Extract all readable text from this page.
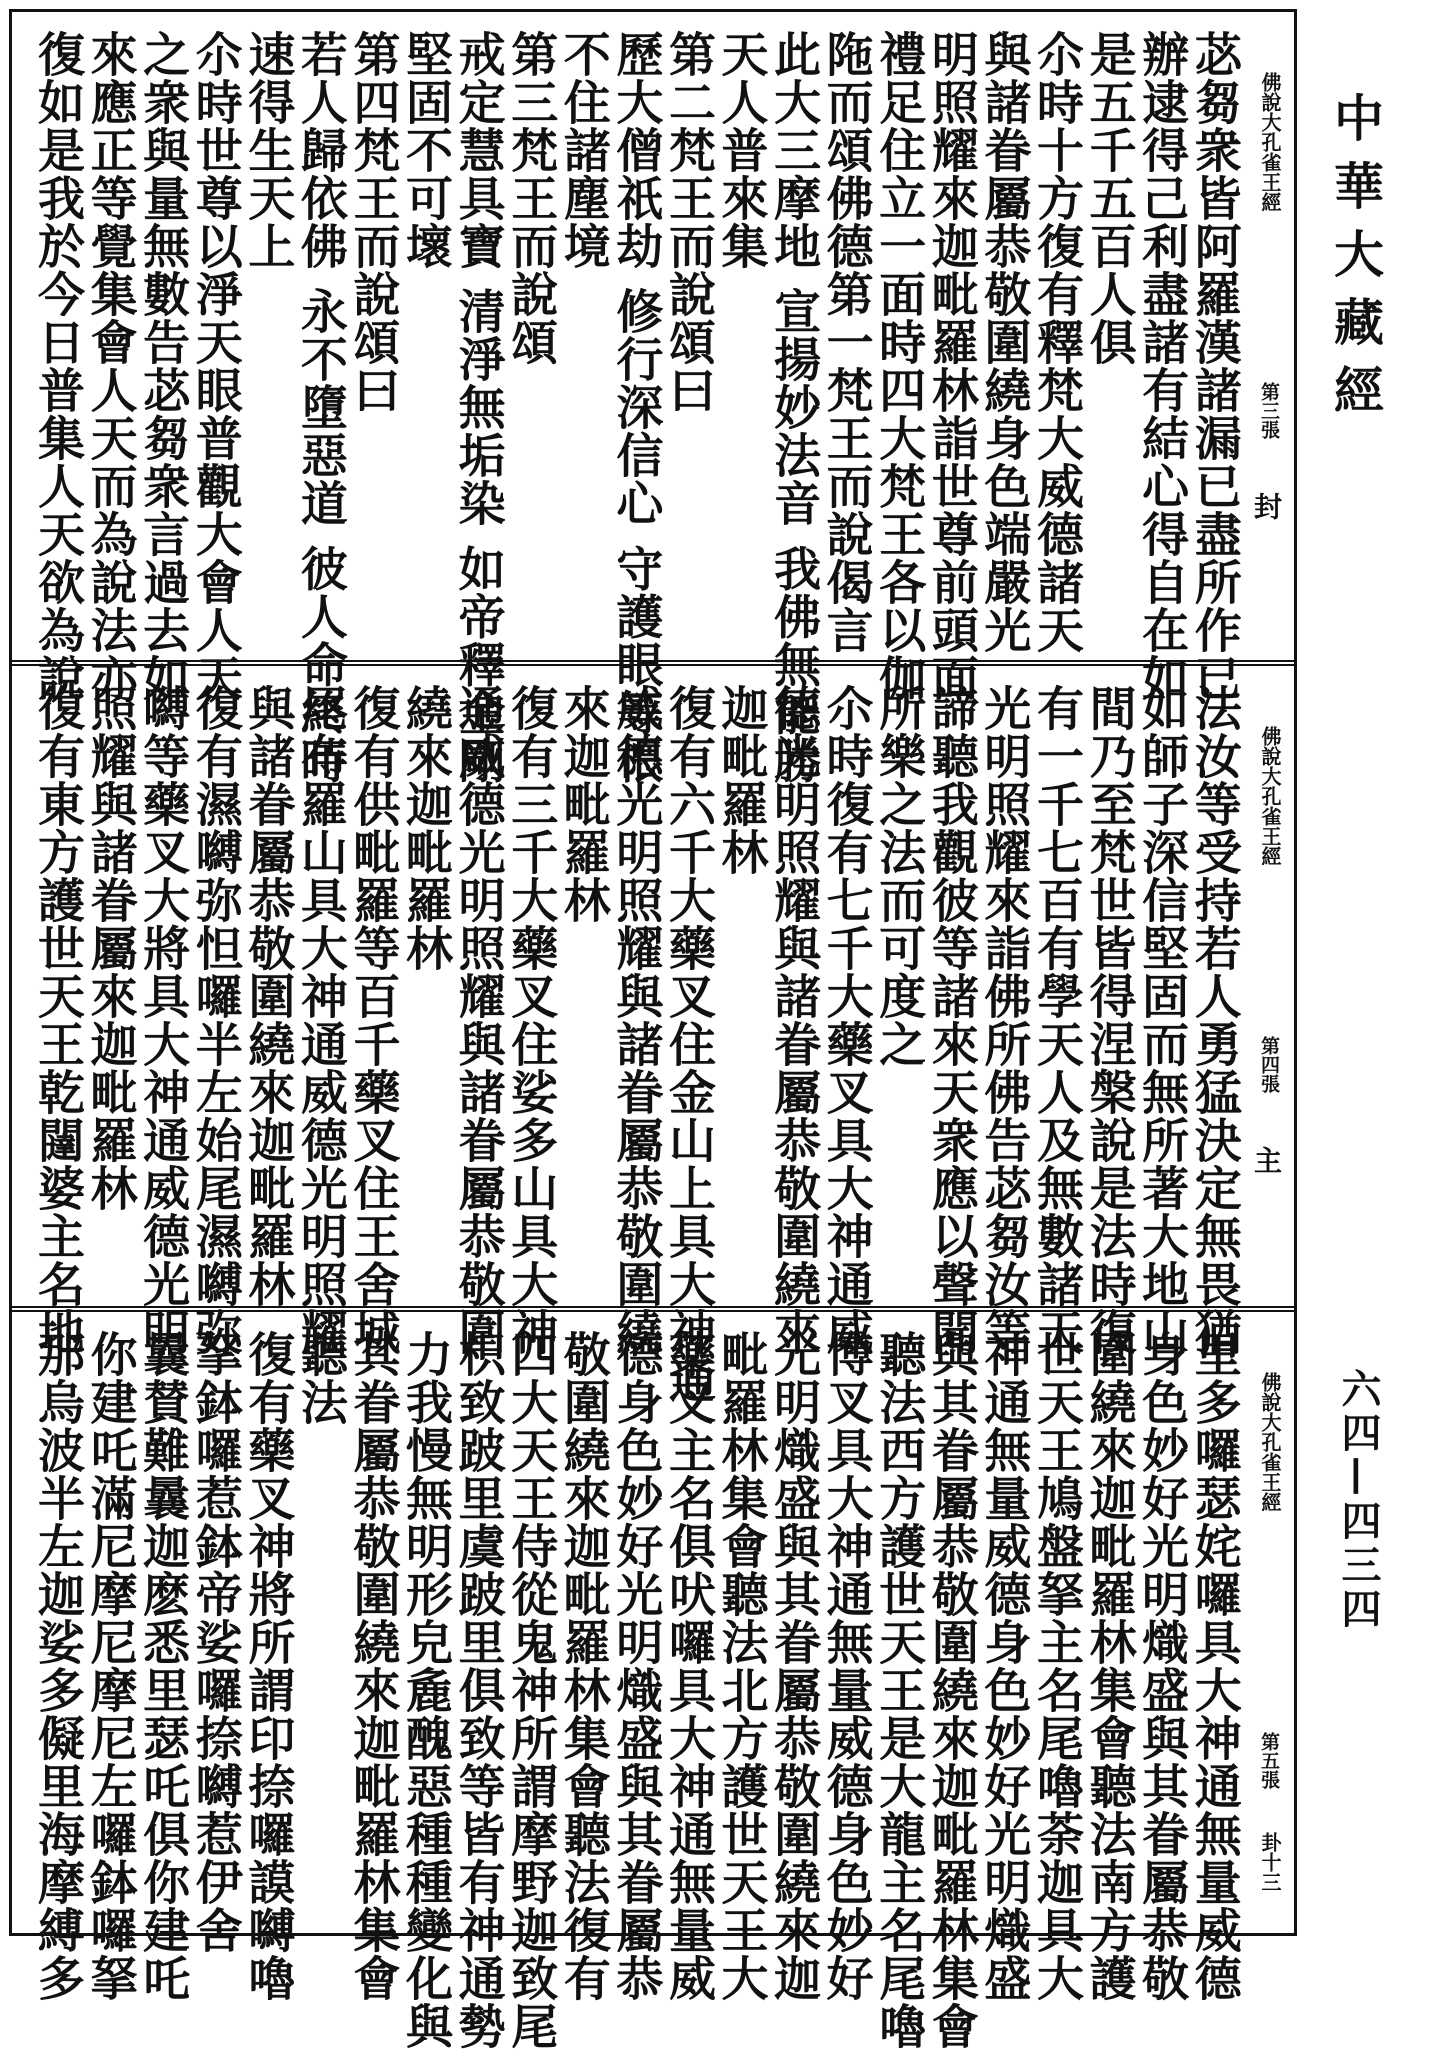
佛說大孔雀王經
第三張
封
苾芻衆皆阿羅漢諸漏已盡所作已
辦逮得己利盡諸有結心得自在如
是五千五百人俱
尒時十方復有釋梵大威德諸天
與諸眷屬恭敬圍繞身色端嚴光
明照耀來迦毗羅林詣世尊前頭面
禮足住立一面時四大梵王各以伽
陁而頌佛德第一梵王而說偈言
此大三摩地 宣揚妙法音 我佛無能勝
天人普來集
第二梵王而說頌曰
歷大僧祇劫 修行深信心 守護眼等根
不住諸塵境
第三梵王而說頌
戒定慧具寶 清淨無垢染 如帝釋金剛
堅固不可壞
第四梵王而說頌曰
若人歸依佛 永不墮惡道 彼人命終時
速得生天上
尒時世尊以淨天眼普觀大會人天
之衆與量無數告苾芻衆言過去如
來應正等覺集會人天而為說法亦
復如是我於今日普集人天欲為說
佛說大孔雀王經
第四張
主
法汝等受持若人勇猛決定無畏猶
如師子深信堅固而無所著大地山
間乃至梵世皆得涅槃說是法時復
有一千七百有學天人及無數諸天
光明照耀來詣佛所佛告苾芻汝等
諦聽我觀彼等諸來天衆應以聲聞
所樂之法而可度之
尒時復有七千大藥叉具大神通威
德光明照耀與諸眷屬恭敬圍繞來
迦毗羅林
復有六千大藥叉住金山上具大神通
威德光明照耀與諸眷屬恭敬圍繞
來迦毗羅林
復有三千大藥叉住娑多山具大神
通威德光明照耀與諸眷屬恭敬圍
繞來迦毗羅林
復有供毗羅等百千藥叉住王舍城
尾布羅山具大神通威德光明照耀
與諸眷屬恭敬圍繞來迦毗羅林
復有濕嚩弥怛囉半左始尾濕嚩弥
嚩等藥叉大將具大神通威德光明
照耀與諸眷屬來迦毗羅林
復有東方護世天王乾闥婆主名地
佛說大孔雀王經
第五張
卦十三
里多囉瑟姹囉具大神通無量威德
身色妙好光明熾盛與其眷屬恭敬
圍繞來迦毗羅林集會聽法南方護
世天王鳩盤拏主名尾嚕荼迦具大
神通無量威德身色妙好光明熾盛
與其眷屬恭敬圍繞來迦毗羅林集會
聽法西方護世天王是大龍主名尾嚕
博叉具大神通無量威德身色妙好
光明熾盛與其眷屬恭敬圍繞來迦
毗羅林集會聽法北方護世天王大
藥叉主名俱吠囉具大神通無量威
德身色妙好光明熾盛與其眷屬恭
敬圍繞來迦毗羅林集會聽法復有
四大天王侍從鬼神所謂摩野迦致尾
枳致跛里虞跛里俱致等皆有神通勢
力我慢無明形皃麁醜惡種種變化與
其眷屬恭敬圍繞來迦毗羅林集會
聽法
復有藥叉神將所謂印捺囉謨嚩嚕
拏鉢囉惹鉢帝娑囉捺嚩惹伊舍
曩賛難曩迦麽悉里瑟吒俱你建吒
你建吒滿尼摩尼摩尼左囉鉢囉拏
那烏波半左迦娑多儗里海摩縛多
中華大藏經
六四—四三四
